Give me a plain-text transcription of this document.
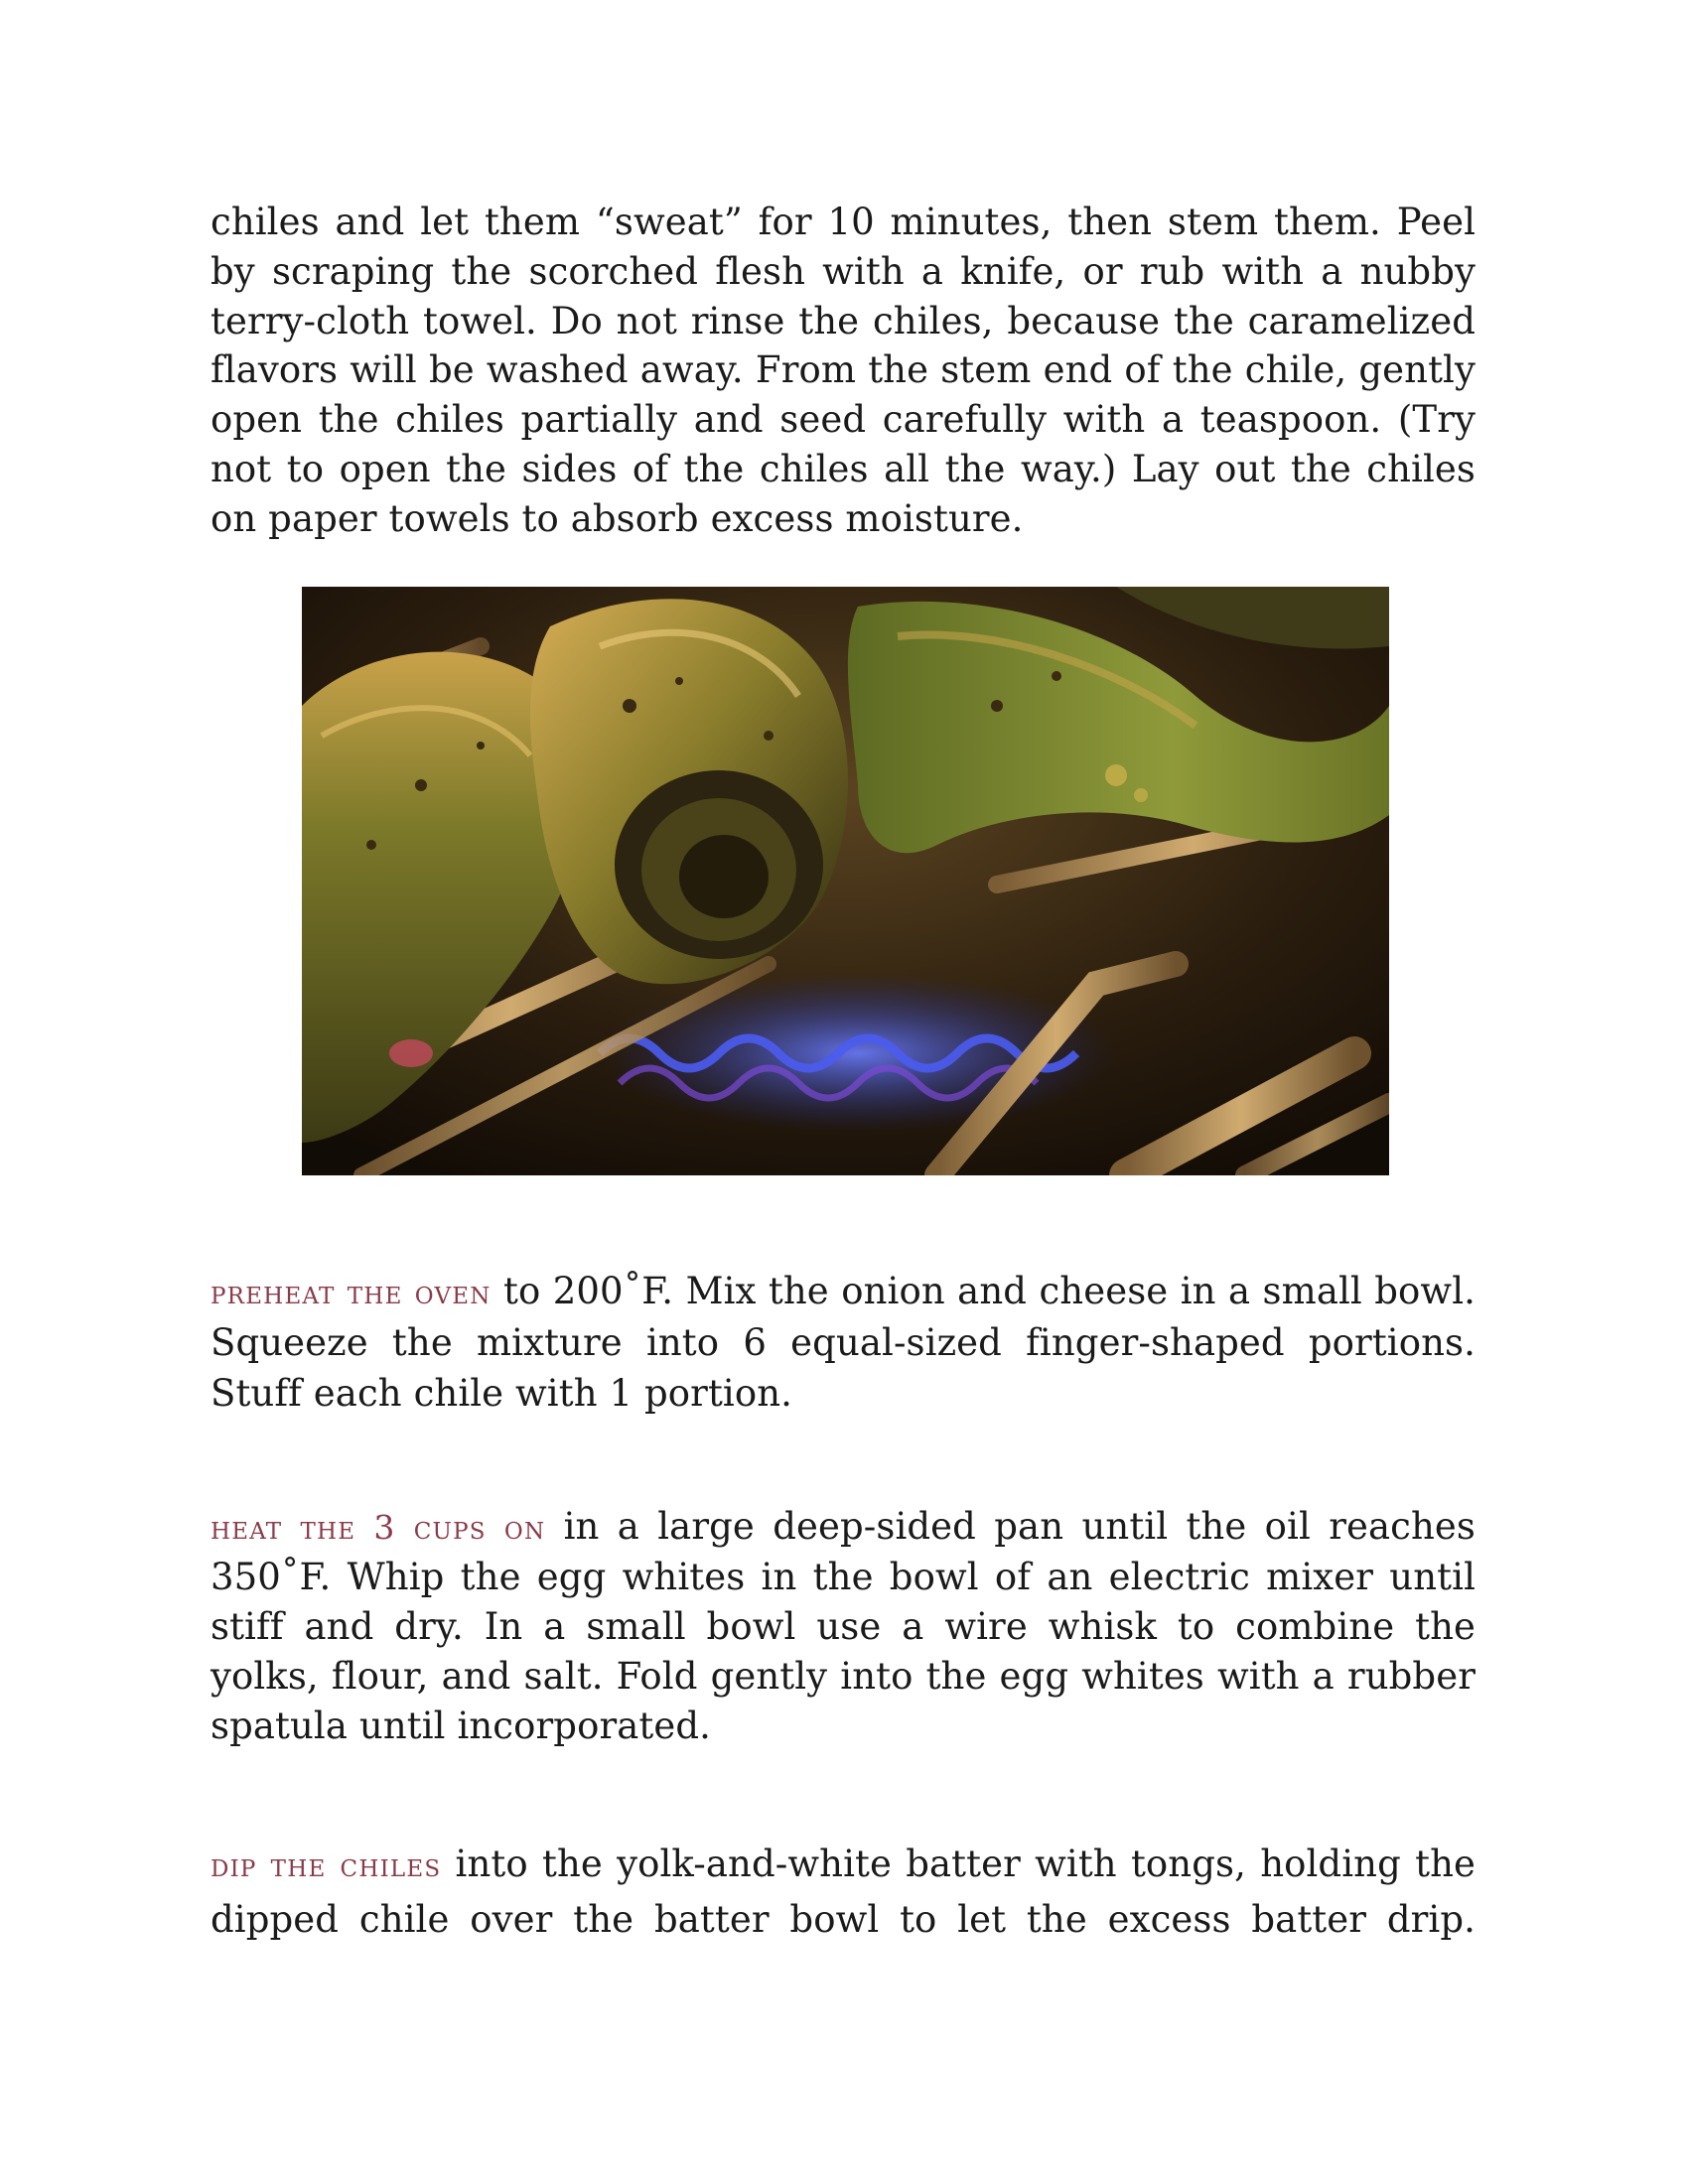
chiles and let them “sweat” for 10 minutes, then stem them. Peel by scraping the scorched flesh with a knife, or rub with a nubby terry-cloth towel. Do not rinse the chiles, because the caramelized flavors will be washed away. From the stem end of the chile, gently open the chiles partially and seed carefully with a teaspoon. (Try not to open the sides of the chiles all the way.) Lay out the chiles on paper towels to absorb excess moisture.

preheat the oven to 200˚F. Mix the onion and cheese in a small bowl. Squeeze the mixture into 6 equal-sized finger-shaped portions. Stuff each chile with 1 portion.

heat the 3 cups on in a large deep-sided pan until the oil reaches 350˚F. Whip the egg whites in the bowl of an electric mixer until stiff and dry. In a small bowl use a wire whisk to combine the yolks, flour, and salt. Fold gently into the egg whites with a rubber spatula until incorporated.

dip the chiles into the yolk-and-white batter with tongs, holding the dipped chile over the batter bowl to let the excess batter drip.
